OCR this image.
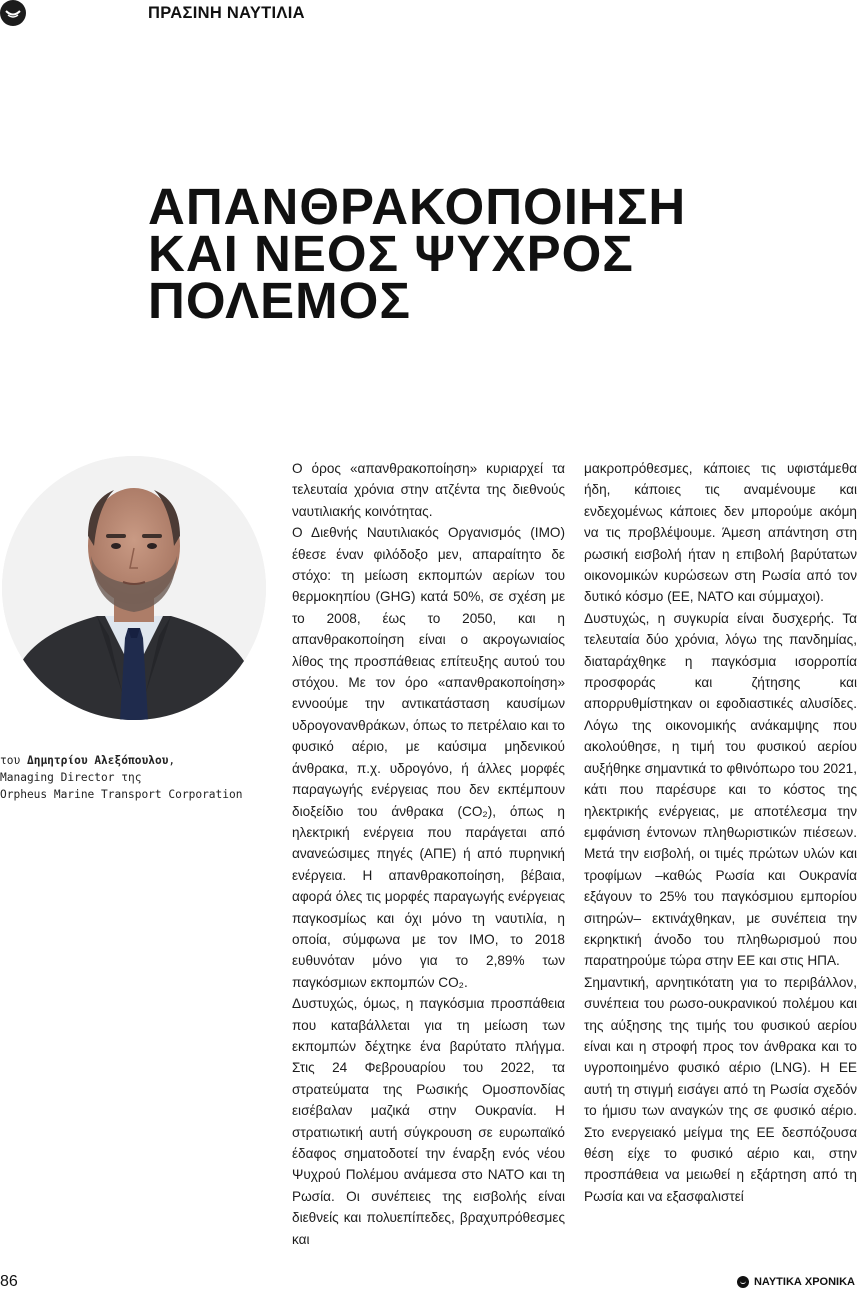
ΠΡΑΣΙΝΗ ΝΑΥΤΙΛΙΑ
ΑΠΑΝΘΡΑΚΟΠΟΙΗΣΗ
ΚΑΙ ΝΕΟΣ ΨΥΧΡΟΣ
ΠΟΛΕΜΟΣ
του Δημητρίου Αλεξόπουλου,
Managing Director της
Orpheus Marine Transport Corporation

Ο όρος «απανθρακοποίηση» κυριαρχεί τα τελευταία χρόνια στην ατζέντα της διεθνούς ναυτιλιακής κοινότητας.

Ο Διεθνής Ναυτιλιακός Οργανισμός (ΙΜΟ) έθεσε έναν φιλόδοξο μεν, απαραίτητο δε στόχο: τη μείωση εκπομπών αερίων του θερμοκηπίου (GHG) κατά 50%, σε σχέση με το 2008, έως το 2050, και η απανθρακοποίηση είναι ο ακρογωνιαίος λίθος της προσπάθειας επίτευξης αυτού του στόχου. Με τον όρο «απανθρακοποίηση» εννοούμε την αντικατάσταση καυσίμων υδρογονανθράκων, όπως το πετρέλαιο και το φυσικό αέριο, με καύσιμα μηδενικού άνθρακα, π.χ. υδρογόνο, ή άλλες μορφές παραγωγής ενέργειας που δεν εκπέμπουν διοξείδιο του άνθρακα (CO₂), όπως η ηλεκτρική ενέργεια που παράγεται από ανανεώσιμες πηγές (ΑΠΕ) ή από πυρηνική ενέργεια. Η απανθρακοποίηση, βέβαια, αφορά όλες τις μορφές παραγωγής ενέργειας παγκοσμίως και όχι μόνο τη ναυτιλία, η οποία, σύμφωνα με τον ΙΜΟ, το 2018 ευθυνόταν μόνο για το 2,89% των παγκόσμιων εκπομπών CO₂.

Δυστυχώς, όμως, η παγκόσμια προσπάθεια που καταβάλλεται για τη μείωση των εκπομπών δέχτηκε ένα βαρύτατο πλήγμα. Στις 24 Φεβρουαρίου του 2022, τα στρατεύματα της Ρωσικής Ομοσπονδίας εισέβαλαν μαζικά στην Ουκρανία. Η στρατιωτική αυτή σύγκρουση σε ευρωπαϊκό έδαφος σηματοδοτεί την έναρξη ενός νέου Ψυχρού Πολέμου ανάμεσα στο ΝΑΤΟ και τη Ρωσία. Οι συνέπειες της εισβολής είναι διεθνείς και πολυεπίπεδες, βραχυπρόθεσμες και

μακροπρόθεσμες, κάποιες τις υφιστάμεθα ήδη, κάποιες τις αναμένουμε και ενδεχομένως κάποιες δεν μπορούμε ακόμη να τις προβλέψουμε. Άμεση απάντηση στη ρωσική εισβολή ήταν η επιβολή βαρύτατων οικονομικών κυρώσεων στη Ρωσία από τον δυτικό κόσμο (ΕΕ, ΝΑΤΟ και σύμμαχοι).

Δυστυχώς, η συγκυρία είναι δυσχερής. Τα τελευταία δύο χρόνια, λόγω της πανδημίας, διαταράχθηκε η παγκόσμια ισορροπία προσφοράς και ζήτησης και απορρυθμίστηκαν οι εφοδιαστικές αλυσίδες. Λόγω της οικονομικής ανάκαμψης που ακολούθησε, η τιμή του φυσικού αερίου αυξήθηκε σημαντικά το φθινόπωρο του 2021, κάτι που παρέσυρε και το κόστος της ηλεκτρικής ενέργειας, με αποτέλεσμα την εμφάνιση έντονων πληθωριστικών πιέσεων. Μετά την εισβολή, οι τιμές πρώτων υλών και τροφίμων –καθώς Ρωσία και Ουκρανία εξάγουν το 25% του παγκόσμιου εμπορίου σιτηρών– εκτινάχθηκαν, με συνέπεια την εκρηκτική άνοδο του πληθωρισμού που παρατηρούμε τώρα στην ΕΕ και στις ΗΠΑ.

Σημαντική, αρνητικότατη για το περιβάλλον, συνέπεια του ρωσο-ουκρανικού πολέμου και της αύξησης της τιμής του φυσικού αερίου είναι και η στροφή προς τον άνθρακα και το υγροποιημένο φυσικό αέριο (LNG). Η ΕΕ αυτή τη στιγμή εισάγει από τη Ρωσία σχεδόν το ήμισυ των αναγκών της σε φυσικό αέριο. Στο ενεργειακό μείγμα της ΕΕ δεσπόζουσα θέση είχε το φυσικό αέριο και, στην προσπάθεια να μειωθεί η εξάρτηση από τη Ρωσία και να εξασφαλιστεί

86	ΝΑΥΤΙΚΑ ΧΡΟΝΙΚΑ
